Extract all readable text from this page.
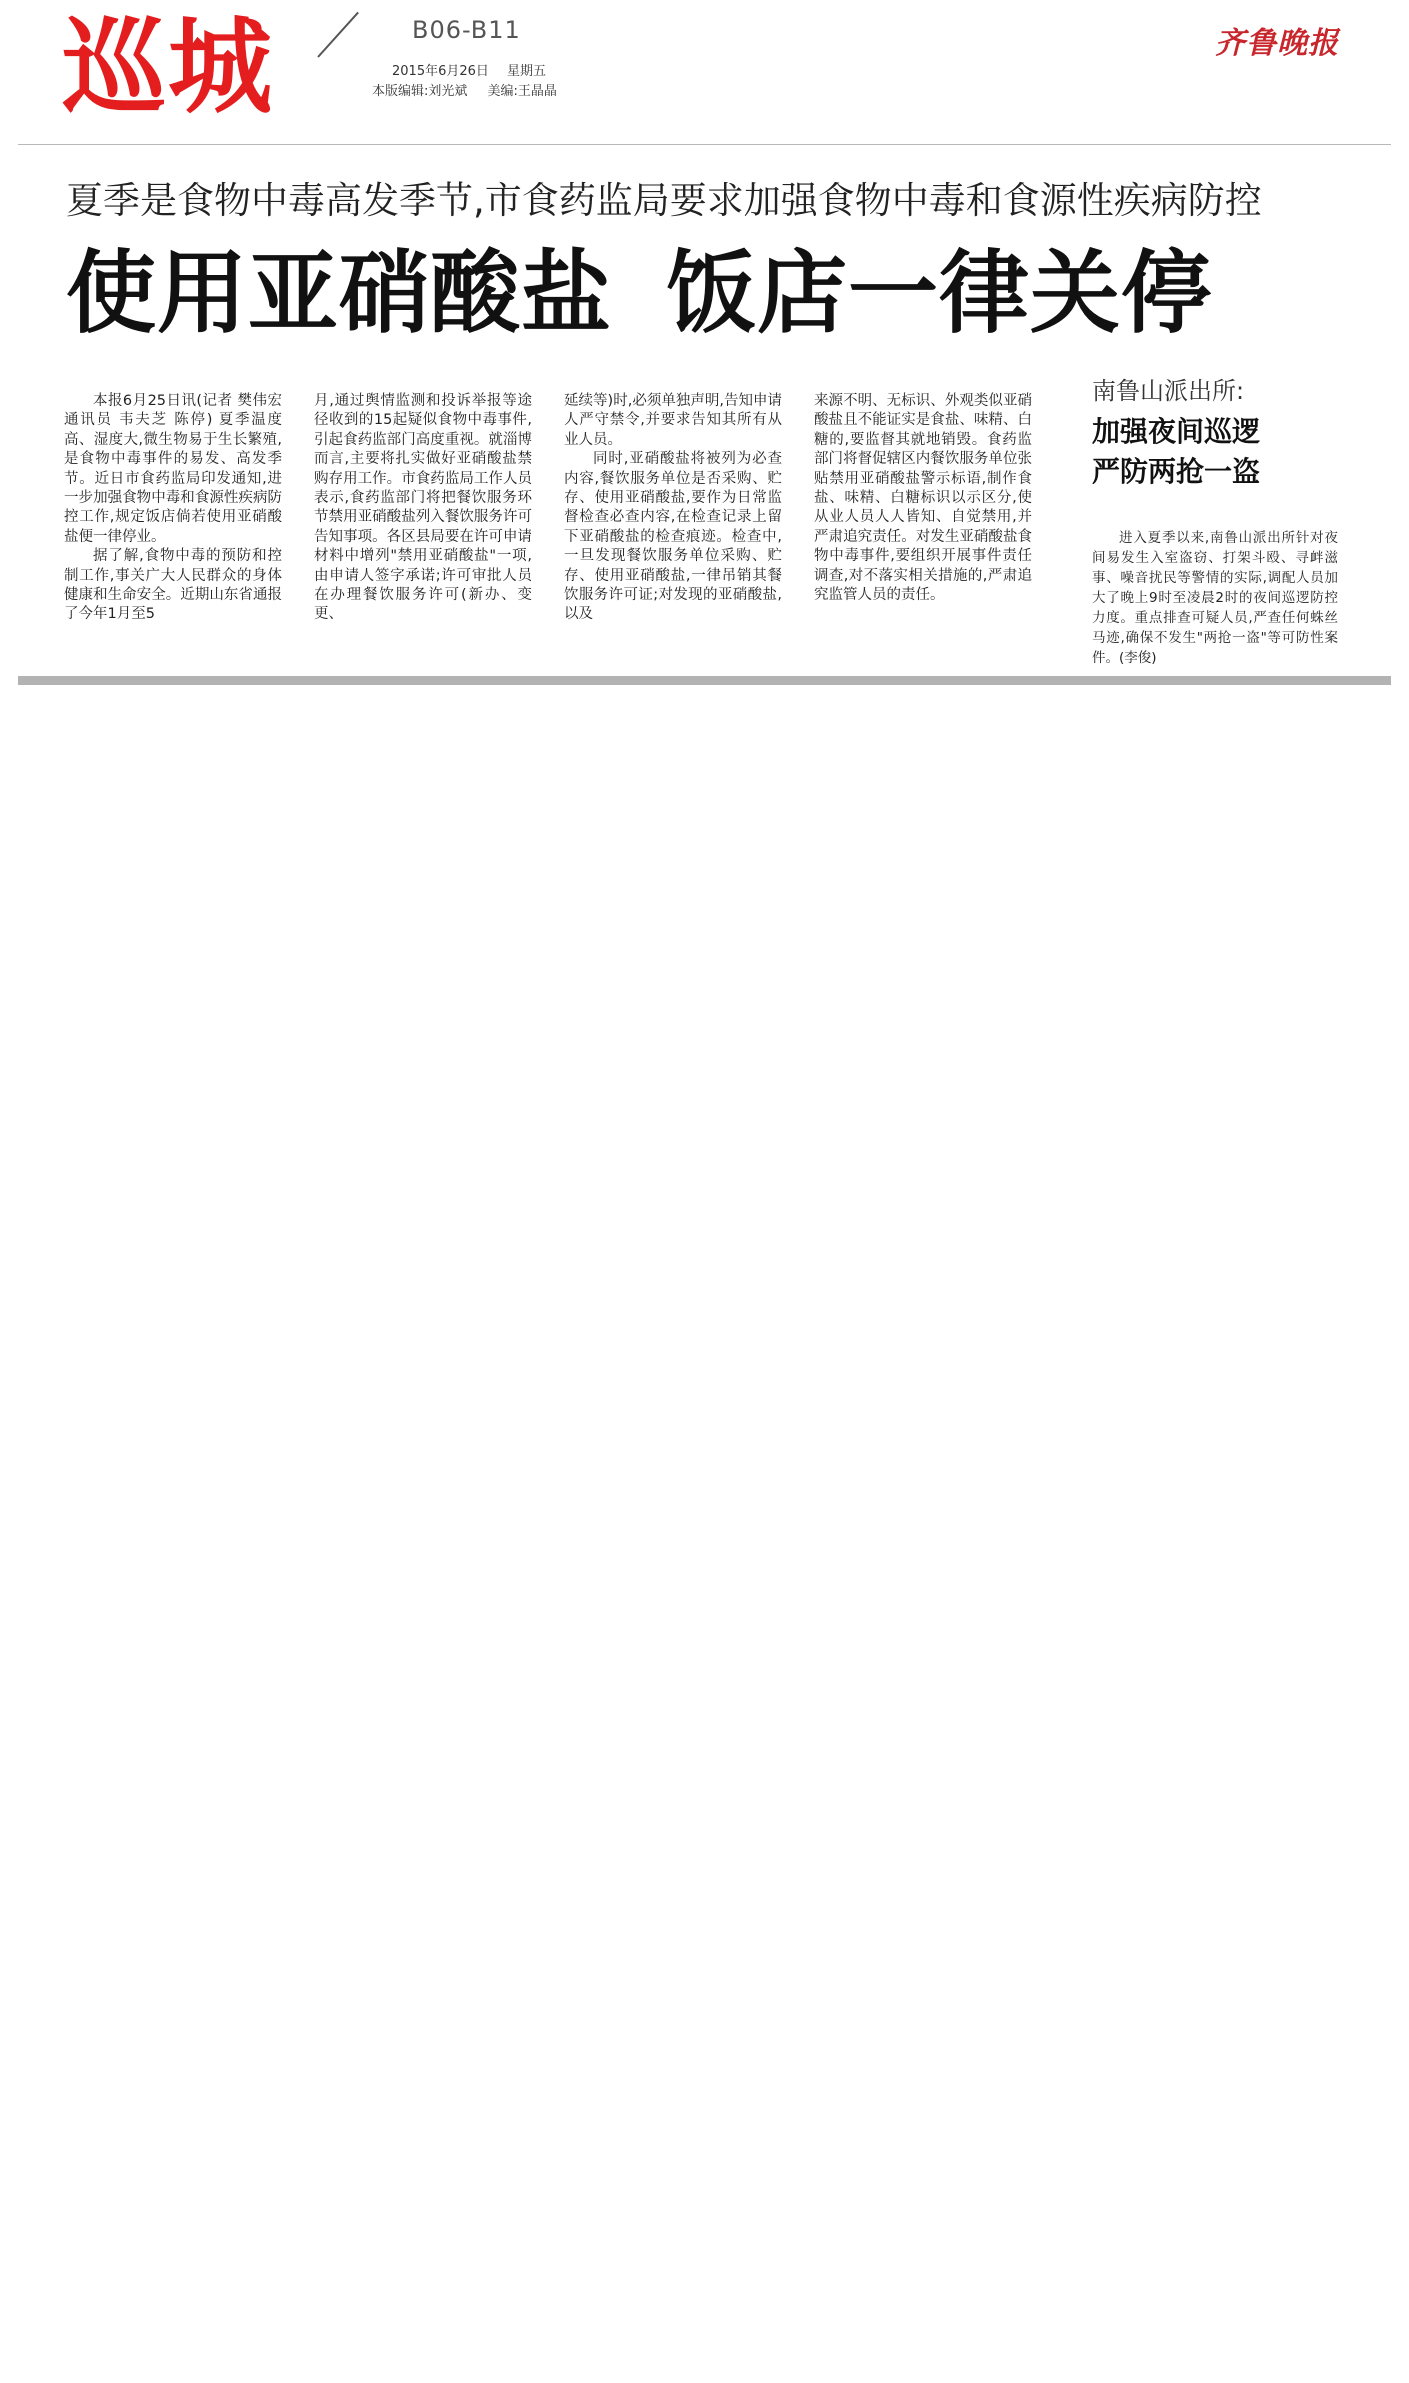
巡城	B06-B11
2015年6月26日 星期五
本版编辑:刘光斌 美编:王晶晶
齐鲁晚报
夏季是食物中毒高发季节,市食药监局要求加强食物中毒和食源性疾病防控
使用亚硝酸盐 饭店一律关停

本报6月25日讯(记者 樊伟宏 通讯员 韦夫芝 陈停) 夏季温度高、湿度大,微生物易于生长繁殖,是食物中毒事件的易发、高发季节。近日市食药监局印发通知,进一步加强食物中毒和食源性疾病防控工作,规定饭店倘若使用亚硝酸盐便一律停业。

据了解,食物中毒的预防和控制工作,事关广大人民群众的身体健康和生命安全。近期山东省通报了今年1月至5

月,通过舆情监测和投诉举报等途径收到的15起疑似食物中毒事件,引起食药监部门高度重视。就淄博而言,主要将扎实做好亚硝酸盐禁购存用工作。市食药监局工作人员表示,食药监部门将把餐饮服务环节禁用亚硝酸盐列入餐饮服务许可告知事项。各区县局要在许可申请材料中增列"禁用亚硝酸盐"一项,由申请人签字承诺;许可审批人员在办理餐饮服务许可(新办、变更、

延续等)时,必须单独声明,告知申请人严守禁令,并要求告知其所有从业人员。

同时,亚硝酸盐将被列为必查内容,餐饮服务单位是否采购、贮存、使用亚硝酸盐,要作为日常监督检查必查内容,在检查记录上留下亚硝酸盐的检查痕迹。检查中,一旦发现餐饮服务单位采购、贮存、使用亚硝酸盐,一律吊销其餐饮服务许可证;对发现的亚硝酸盐,以及

来源不明、无标识、外观类似亚硝酸盐且不能证实是食盐、味精、白糖的,要监督其就地销毁。食药监部门将督促辖区内餐饮服务单位张贴禁用亚硝酸盐警示标语,制作食盐、味精、白糖标识以示区分,使从业人员人人皆知、自觉禁用,并严肃追究责任。对发生亚硝酸盐食物中毒事件,要组织开展事件责任调查,对不落实相关措施的,严肃追究监管人员的责任。

南鲁山派出所:
加强夜间巡逻
严防两抢一盗

进入夏季以来,南鲁山派出所针对夜间易发生入室盗窃、打架斗殴、寻衅滋事、噪音扰民等警情的实际,调配人员加大了晚上9时至凌晨2时的夜间巡逻防控力度。重点排查可疑人员,严查任何蛛丝马迹,确保不发生"两抢一盗"等可防性案件。(李俊)
